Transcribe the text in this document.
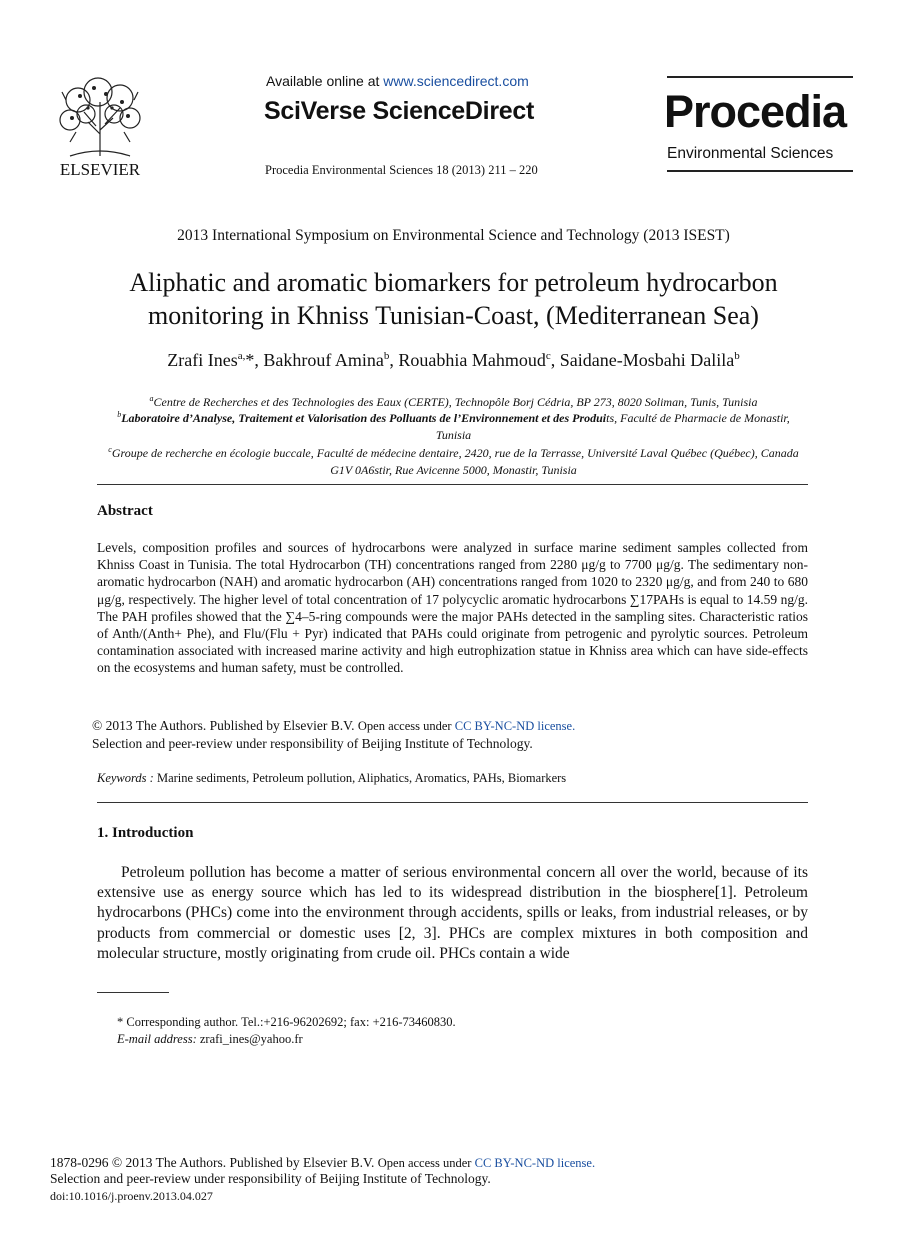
ELSEVIER
Available online at www.sciencedirect.com
SciVerse ScienceDirect
Procedia Environmental Sciences 18 (2013) 211 – 220
Procedia
Environmental Sciences
2013 International Symposium on Environmental Science and Technology (2013 ISEST)
Aliphatic and aromatic biomarkers for petroleum hydrocarbon
monitoring in Khniss Tunisian-Coast, (Mediterranean Sea)
Zrafi Ines$^{a,}$*, Bakhrouf Amina$^b$, Rouabhia Mahmoud$^c$, Saidane-Mosbahi Dalila$^b$
$^a$Centre de Recherches et des Technologies des Eaux (CERTE), Technopôle Borj Cédria, BP 273, 8020 Soliman, Tunis, Tunisia
$^b$Laboratoire d’Analyse, Traitement et Valorisation des Polluants de l’Environnement et des Produits, Faculté de Pharmacie de Monastir, Tunisia
$^c$Groupe de recherche en écologie buccale, Faculté de médecine dentaire, 2420, rue de la Terrasse, Université Laval Québec (Québec), Canada G1V 0A6stir, Rue Avicenne 5000, Monastir, Tunisia
Abstract
Levels, composition profiles and sources of hydrocarbons were analyzed in surface marine sediment samples collected from Khniss Coast in Tunisia. The total Hydrocarbon (TH) concentrations ranged from 2280 μg/g to 7700 μg/g. The sedimentary non-aromatic hydrocarbon (NAH) and aromatic hydrocarbon (AH) concentrations ranged from 1020 to 2320 μg/g, and from 240 to 680 μg/g, respectively. The higher level of total concentration of 17 polycyclic aromatic hydrocarbons ∑17PAHs is equal to 14.59 ng/g. The PAH profiles showed that the ∑4–5-ring compounds were the major PAHs detected in the sampling sites. Characteristic ratios of Anth/(Anth+ Phe), and Flu/(Flu + Pyr) indicated that PAHs could originate from petrogenic and pyrolytic sources. Petroleum contamination associated with increased marine activity and high eutrophization statue in Khniss area which can have side-effects on the ecosystems and human safety, must be controlled.
© 2013 The Authors. Published by Elsevier B.V. Open access under CC BY-NC-ND license.
Selection and peer-review under responsibility of Beijing Institute of Technology.
Keywords : Marine sediments, Petroleum pollution, Aliphatics, Aromatics, PAHs, Biomarkers
1. Introduction
Petroleum pollution has become a matter of serious environmental concern all over the world, because of its extensive use as energy source which has led to its widespread distribution in the biosphere[1]. Petroleum hydrocarbons (PHCs) come into the environment through accidents, spills or leaks, from industrial releases, or by products from commercial or domestic uses [2, 3]. PHCs are complex mixtures in both composition and molecular structure, mostly originating from crude oil. PHCs contain a wide
* Corresponding author. Tel.:+216-96202692; fax: +216-73460830.
E-mail address: zrafi_ines@yahoo.fr
1878-0296 © 2013 The Authors. Published by Elsevier B.V. Open access under CC BY-NC-ND license.
Selection and peer-review under responsibility of Beijing Institute of Technology.
doi:10.1016/j.proenv.2013.04.027
